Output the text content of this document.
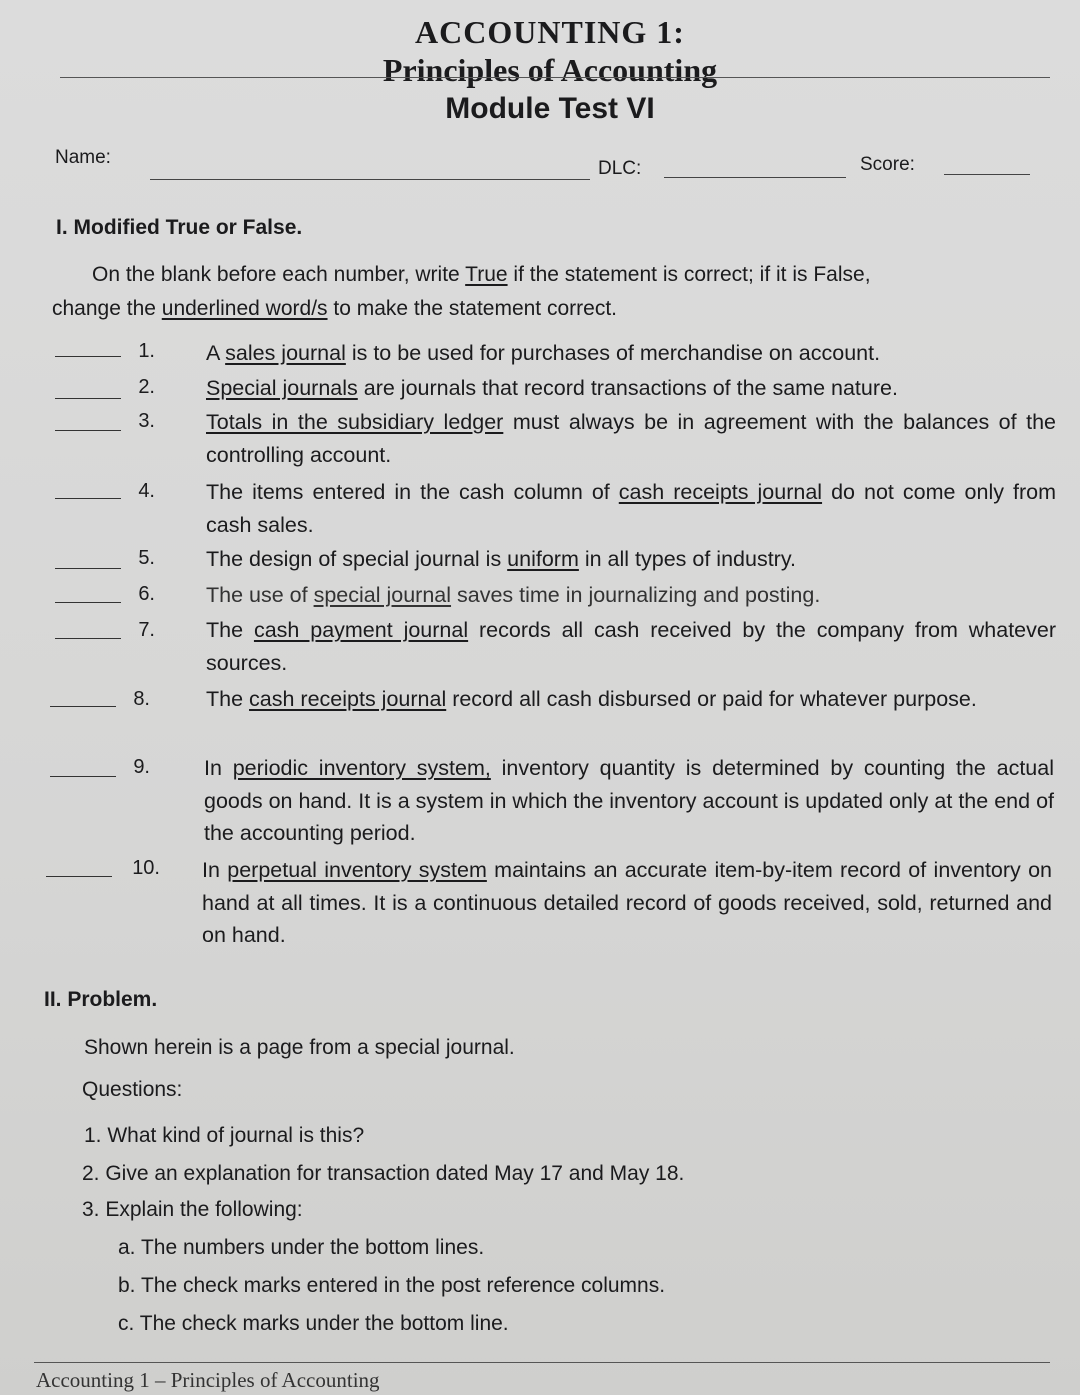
ACCOUNTING 1:
Principles of Accounting
Module Test VI
Name:
DLC:	Score:
I. Modified True or False.
On the blank before each number, write True if the statement is correct; if it is False,
change the underlined word/s to make the statement correct.
1. A sales journal is to be used for purchases of merchandise on account.
2. Special journals are journals that record transactions of the same nature.
3. Totals in the subsidiary ledger must always be in agreement with the balances of the controlling account.
4. The items entered in the cash column of cash receipts journal do not come only from cash sales.
5. The design of special journal is uniform in all types of industry.
6. The use of special journal saves time in journalizing and posting.
7. The cash payment journal records all cash received by the company from whatever sources.
8.	The cash receipts journal record all cash disbursed or paid for whatever purpose.
9.	In periodic inventory system, inventory quantity is determined by counting the actual goods on hand. It is a system in which the inventory account is updated only at the end of the accounting period.
10. In perpetual inventory system maintains an accurate item-by-item record of inventory on hand at all times. It is a continuous detailed record of goods received, sold, returned and on hand.
II. Problem.
Shown herein is a page from a special journal.
Questions:
1. What kind of journal is this?
2. Give an explanation for transaction dated May 17 and May 18.
3. Explain the following:
a. The numbers under the bottom lines.
b. The check marks entered in the post reference columns.
c. The check marks under the bottom line.
Accounting 1 – Principles of Accounting
